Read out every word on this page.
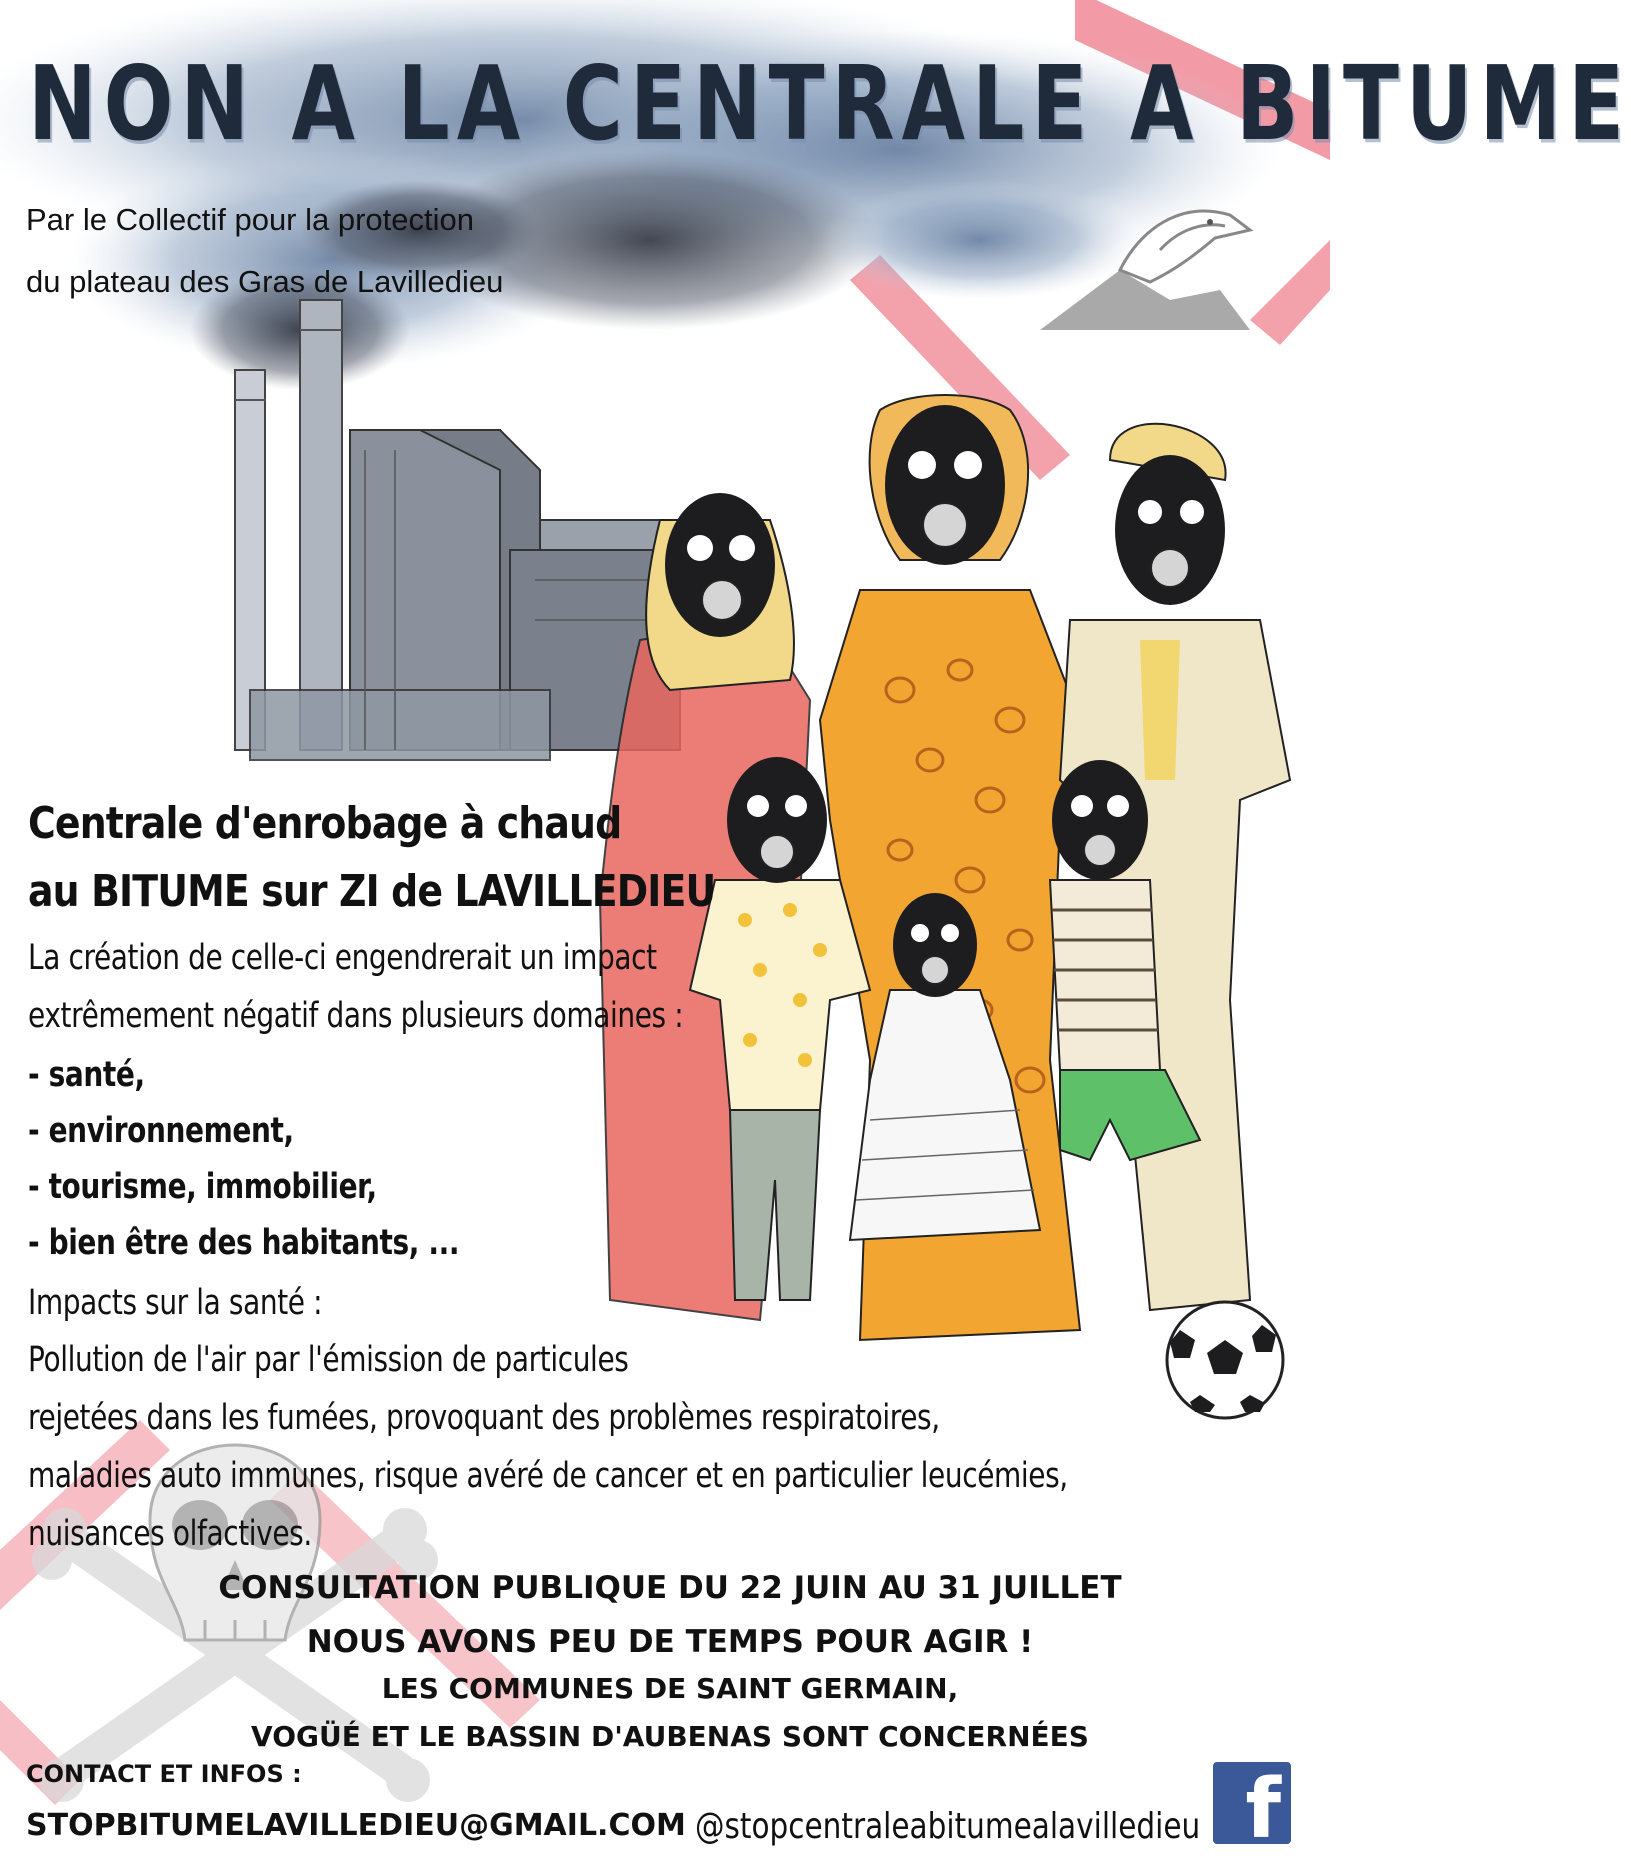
NON A LA CENTRALE A BITUME
Par le Collectif pour la protection
du plateau des Gras de Lavilledieu
Centrale d'enrobage à chaud
au BITUME sur ZI de LAVILLEDIEU
La création de celle-ci engendrerait un impact
extrêmement négatif dans plusieurs domaines :
- santé,
- environnement,
- tourisme, immobilier,
- bien être des habitants, ...
Impacts sur la santé :
Pollution de l'air par l'émission de particules
rejetées dans les fumées, provoquant des problèmes respiratoires,
maladies auto immunes, risque avéré de cancer et en particulier leucémies,
nuisances olfactives.
CONSULTATION PUBLIQUE DU 22 JUIN AU 31 JUILLET
NOUS AVONS PEU DE TEMPS POUR AGIR !
LES COMMUNES DE SAINT GERMAIN,
VOGÜÉ ET LE BASSIN D'AUBENAS SONT CONCERNÉES
CONTACT ET INFOS :
STOPBITUMELAVILLEDIEU@GMAIL.COM @stopcentraleabitumealavilledieu f
